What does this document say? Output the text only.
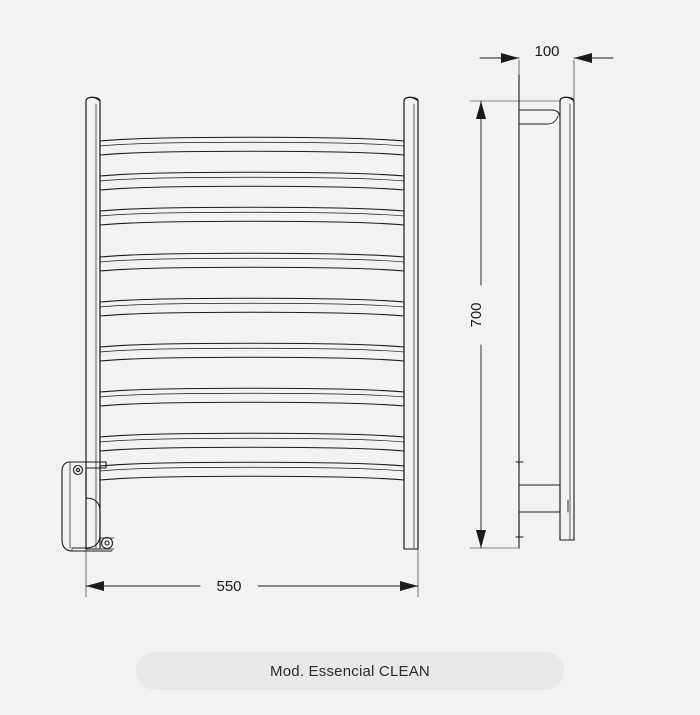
550
700
100
Mod. Essencial CLEAN
